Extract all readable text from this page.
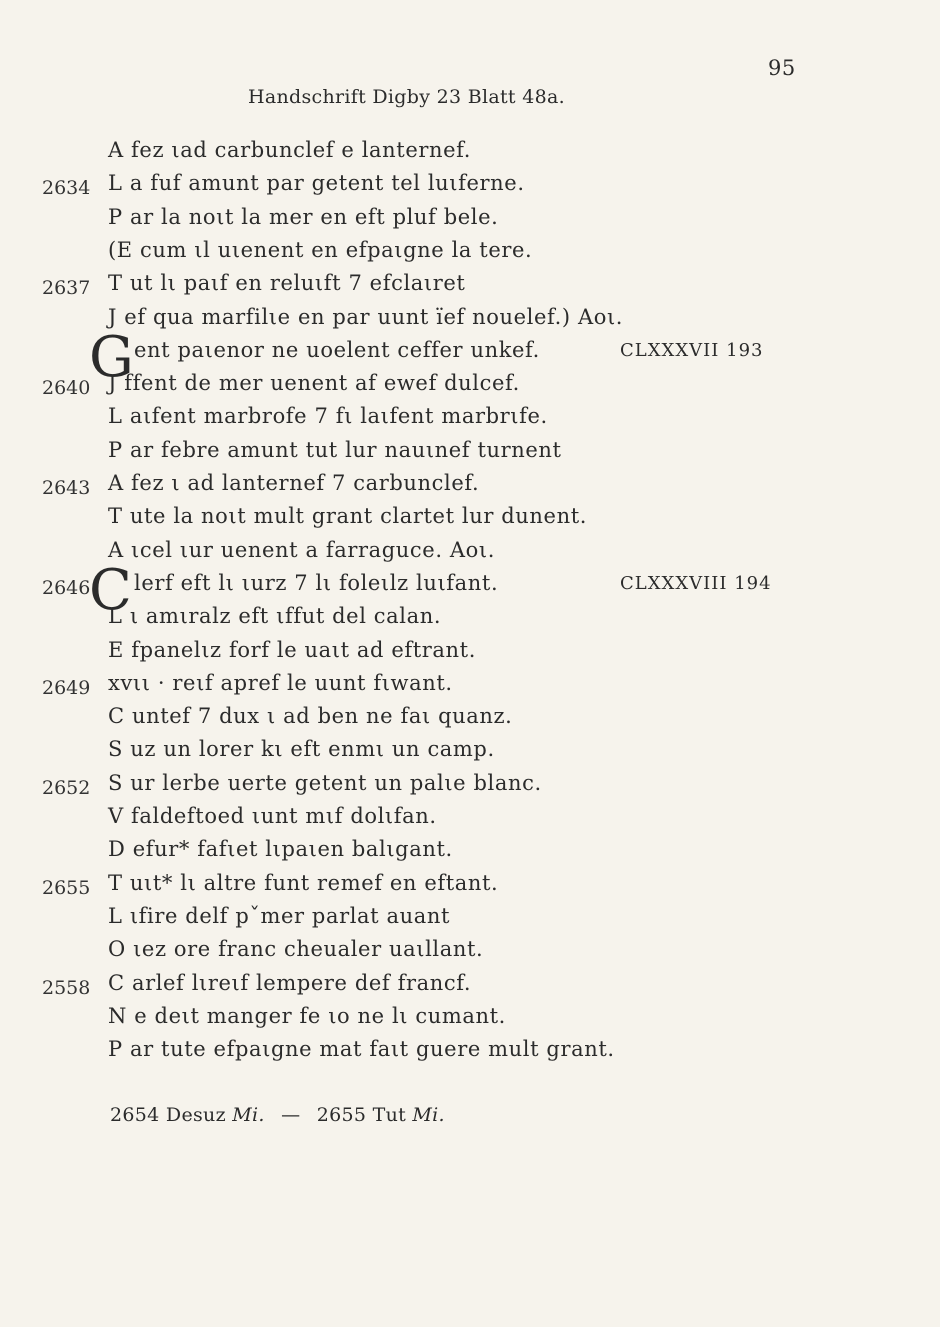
95
Handschrift Digby 23 Blatt 48a.
A fez ιad carbunclef e lanternef.
2634 L a fuf amunt par getent tel luιferne.
P ar la noιt la mer en eft pluf bele.
(E cum ιl uιenent en efpaιgne la tere.
2637 T ut lι paιf en reluιft 7 efclaιret
J ef qua marfilιe en par uunt ïef nouelef.) Aoι.
ent paιenor ne uoelent ceffer unkef.	CLXXXVII 193
G
2640 J ffent de mer uenent af ewef dulcef.
L aιfent marbrofe 7 fι laιfent marbrιfe.
P ar febre amunt tut lur nauιnef turnent
2643 A fez ι ad lanternef 7 carbunclef.
T ute la noιt mult grant clartet lur dunent.
A ιcel ιur uenent a farraguce. Aoι.
2646 lerf eft lι ιurz 7 lι foleιlz luιfant.	CLXXXVIII 194
C
L ι amιralz eft ιffut del calan.
E fpanelιz forf le uaιt ad eftrant.
2649 xvιι · reιf apref le uunt fιwant.
C untef 7 dux ι ad ben ne faι quanz.
S uz un lorer kι eft enmι un camp.
2652 S ur lerbe uerte getent un palιe blanc.
V faldeftoed ιunt mιf dolιfan.
D efur* fafιet lιpaιen balιgant.
2655 T uιt* lι altre funt remef en eftant.
L ιfire delf pˇmer parlat auant
O ιez ore franc cheualer uaιllant.
2558 C arlef lιreιf lempere def francf.
N e deιt manger fe ιo ne lι cumant.
P ar tute efpaιgne mat faιt guere mult grant.
2654 Desuz Mi. — 2655 Tut Mi.
